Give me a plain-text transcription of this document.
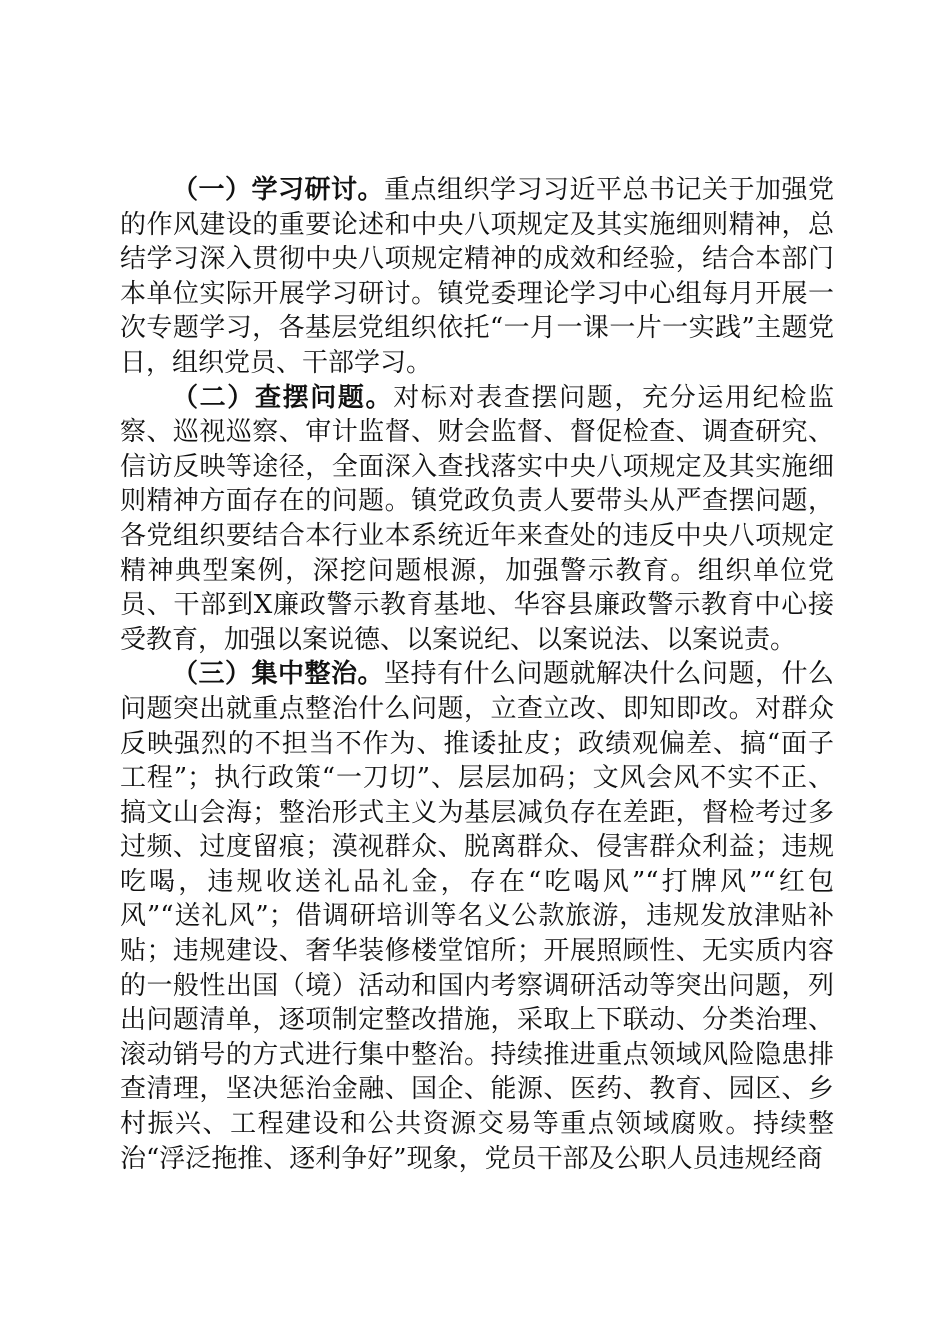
（一）学习研讨。重点组织学习习近平总书记关于加强党的作风建设的重要论述和中央八项规定及其实施细则精神，总结学习深入贯彻中央八项规定精神的成效和经验，结合本部门本单位实际开展学习研讨。镇党委理论学习中心组每月开展一次专题学习，各基层党组织依托“一月一课一片一实践”主题党日，组织党员、干部学习。

（二）查摆问题。对标对表查摆问题，充分运用纪检监察、巡视巡察、审计监督、财会监督、督促检查、调查研究、信访反映等途径，全面深入查找落实中央八项规定及其实施细则精神方面存在的问题。镇党政负责人要带头从严查摆问题，各党组织要结合本行业本系统近年来查处的违反中央八项规定精神典型案例，深挖问题根源，加强警示教育。组织单位党员、干部到X廉政警示教育基地、华容县廉政警示教育中心接受教育，加强以案说德、以案说纪、以案说法、以案说责。

（三）集中整治。坚持有什么问题就解决什么问题，什么问题突出就重点整治什么问题，立查立改、即知即改。对群众反映强烈的不担当不作为、推诿扯皮；政绩观偏差、搞“面子工程”；执行政策“一刀切”、层层加码；文风会风不实不正、搞文山会海；整治形式主义为基层减负存在差距，督检考过多过频、过度留痕；漠视群众、脱离群众、侵害群众利益；违规吃喝，违规收送礼品礼金，存在“吃喝风”“打牌风”“红包风”“送礼风”；借调研培训等名义公款旅游，违规发放津贴补贴；违规建设、奢华装修楼堂馆所；开展照顾性、无实质内容的一般性出国（境）活动和国内考察调研活动等突出问题，列出问题清单，逐项制定整改措施，采取上下联动、分类治理、滚动销号的方式进行集中整治。持续推进重点领域风险隐患排查清理，坚决惩治金融、国企、能源、医药、教育、园区、乡村振兴、工程建设和公共资源交易等重点领域腐败。持续整治“浮泛拖推、逐利争好”现象，党员干部及公职人员违规经商
